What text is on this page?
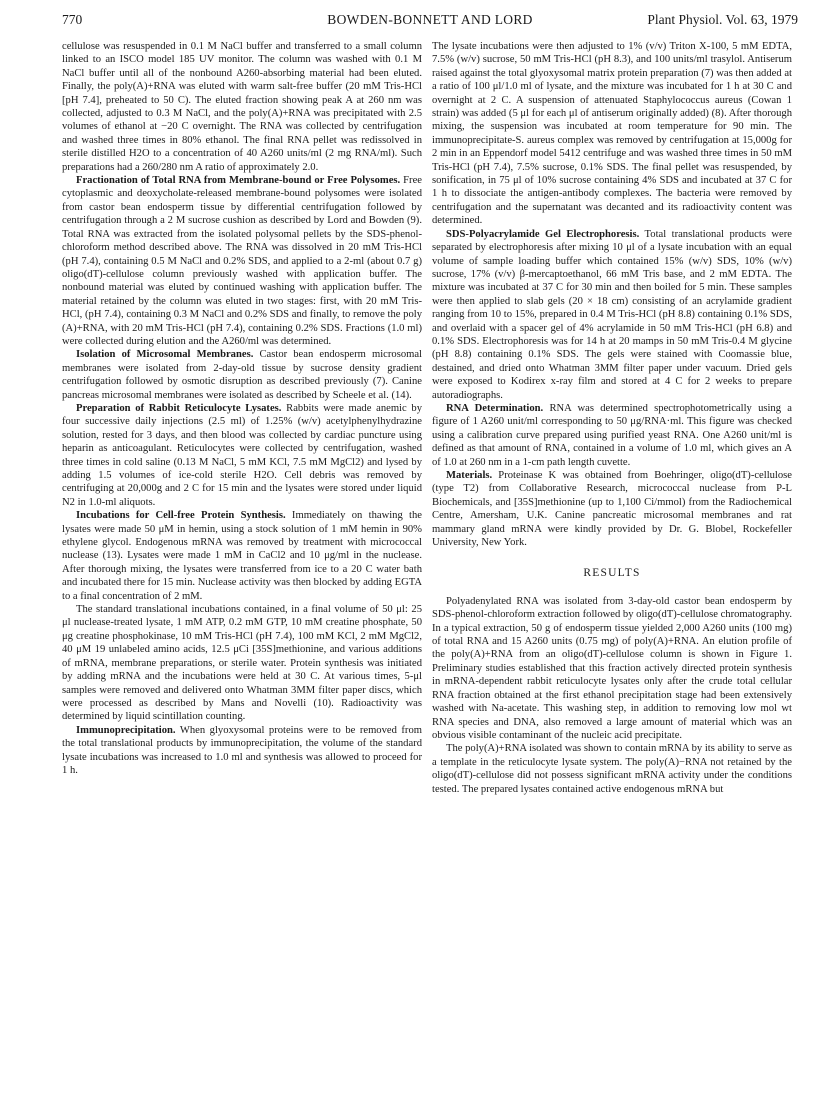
770	BOWDEN-BONNETT AND LORD	Plant Physiol. Vol. 63, 1979

cellulose was resuspended in 0.1 M NaCl buffer and transferred to a small column linked to an ISCO model 185 UV monitor. The column was washed with 0.1 M NaCl buffer until all of the nonbound A260-absorbing material had been eluted. Finally, the poly(A)+RNA was eluted with warm salt-free buffer (20 mM Tris-HCl [pH 7.4], preheated to 50 C). The eluted fraction showing peak A at 260 nm was collected, adjusted to 0.3 M NaCl, and the poly(A)+RNA was precipitated with 2.5 volumes of ethanol at −20 C overnight. The RNA was collected by centrifugation and washed three times in 80% ethanol. The final RNA pellet was redissolved in sterile distilled H2O to a concentration of 40 A260 units/ml (2 mg RNA/ml). Such preparations had a 260/280 nm A ratio of approximately 2.0.

Fractionation of Total RNA from Membrane-bound or Free Polysomes. Free cytoplasmic and deoxycholate-released membrane-bound polysomes were isolated from castor bean endosperm tissue by differential centrifugation followed by centrifugation through a 2 M sucrose cushion as described by Lord and Bowden (9). Total RNA was extracted from the isolated polysomal pellets by the SDS-phenol-chloroform method described above. The RNA was dissolved in 20 mM Tris-HCl (pH 7.4), containing 0.5 M NaCl and 0.2% SDS, and applied to a 2-ml (about 0.7 g) oligo(dT)-cellulose column previously washed with application buffer. The nonbound material was eluted by continued washing with application buffer. The material retained by the column was eluted in two stages: first, with 20 mM Tris-HCl, (pH 7.4), containing 0.3 M NaCl and 0.2% SDS and finally, to remove the poly (A)+RNA, with 20 mM Tris-HCl (pH 7.4), containing 0.2% SDS. Fractions (1.0 ml) were collected during elution and the A260/ml was determined.

Isolation of Microsomal Membranes. Castor bean endosperm microsomal membranes were isolated from 2-day-old tissue by sucrose density gradient centrifugation followed by osmotic disruption as described previously (7). Canine pancreas microsomal membranes were isolated as described by Scheele et al. (14).

Preparation of Rabbit Reticulocyte Lysates. Rabbits were made anemic by four successive daily injections (2.5 ml) of 1.25% (w/v) acetylphenylhydrazine solution, rested for 3 days, and then blood was collected by cardiac puncture using heparin as anticoagulant. Reticulocytes were collected by centrifugation, washed three times in cold saline (0.13 M NaCl, 5 mM KCl, 7.5 mM MgCl2) and lysed by adding 1.5 volumes of ice-cold sterile H2O. Cell debris was removed by centrifuging at 20,000g and 2 C for 15 min and the lysates were stored under liquid N2 in 1.0-ml aliquots.

Incubations for Cell-free Protein Synthesis. Immediately on thawing the lysates were made 50 μM in hemin, using a stock solution of 1 mM hemin in 90% ethylene glycol. Endogenous mRNA was removed by treatment with micrococcal nuclease (13). Lysates were made 1 mM in CaCl2 and 10 μg/ml in the nuclease. After thorough mixing, the lysates were transferred from ice to a 20 C water bath and incubated there for 15 min. Nuclease activity was then blocked by adding EGTA to a final concentration of 2 mM.

The standard translational incubations contained, in a final volume of 50 μl: 25 μl nuclease-treated lysate, 1 mM ATP, 0.2 mM GTP, 10 mM creatine phosphate, 50 μg creatine phosphokinase, 10 mM Tris-HCl (pH 7.4), 100 mM KCl, 2 mM MgCl2, 40 μM 19 unlabeled amino acids, 12.5 μCi [35S]methionine, and various additions of mRNA, membrane preparations, or sterile water. Protein synthesis was initiated by adding mRNA and the incubations were held at 30 C. At various times, 5-μl samples were removed and delivered onto Whatman 3MM filter paper discs, which were processed as described by Mans and Novelli (10). Radioactivity was determined by liquid scintillation counting.

Immunoprecipitation. When glyoxysomal proteins were to be removed from the total translational products by immunoprecipitation, the volume of the standard lysate incubations was increased to 1.0 ml and synthesis was allowed to proceed for 1 h.

The lysate incubations were then adjusted to 1% (v/v) Triton X-100, 5 mM EDTA, 7.5% (w/v) sucrose, 50 mM Tris-HCl (pH 8.3), and 100 units/ml trasylol. Antiserum raised against the total glyoxysomal matrix protein preparation (7) was then added at a ratio of 100 μl/1.0 ml of lysate, and the mixture was incubated for 1 h at 30 C and overnight at 2 C. A suspension of attenuated Staphylococcus aureus (Cowan 1 strain) was added (5 μl for each μl of antiserum originally added) (8). After thorough mixing, the suspension was incubated at room temperature for 90 min. The immunoprecipitate-S. aureus complex was removed by centrifugation at 15,000g for 2 min in an Eppendorf model 5412 centrifuge and was washed three times in 50 mM Tris-HCl (pH 7.4), 7.5% sucrose, 0.1% SDS. The final pellet was resuspended, by sonification, in 75 μl of 10% sucrose containing 4% SDS and incubated at 37 C for 1 h to dissociate the antigen-antibody complexes. The bacteria were removed by centrifugation and the supernatant was decanted and its radioactivity content was determined.

SDS-Polyacrylamide Gel Electrophoresis. Total translational products were separated by electrophoresis after mixing 10 μl of a lysate incubation with an equal volume of sample loading buffer which contained 15% (w/v) SDS, 10% (w/v) sucrose, 17% (v/v) β-mercaptoethanol, 66 mM Tris base, and 2 mM EDTA. The mixture was incubated at 37 C for 30 min and then boiled for 5 min. These samples were then applied to slab gels (20 × 18 cm) consisting of an acrylamide gradient ranging from 10 to 15%, prepared in 0.4 M Tris-HCl (pH 8.8) containing 0.1% SDS, and overlaid with a spacer gel of 4% acrylamide in 50 mM Tris-HCl (pH 6.8) and 0.1% SDS. Electrophoresis was for 14 h at 20 mamps in 50 mM Tris-0.4 M glycine (pH 8.8) containing 0.1% SDS. The gels were stained with Coomassie blue, destained, and dried onto Whatman 3MM filter paper under vacuum. Dried gels were exposed to Kodirex x-ray film and stored at 4 C for 2 weeks to prepare autoradiographs.

RNA Determination. RNA was determined spectrophotometrically using a figure of 1 A260 unit/ml corresponding to 50 μg/RNA·ml. This figure was checked using a calibration curve prepared using purified yeast RNA. One A260 unit/ml is defined as that amount of RNA, contained in a volume of 1.0 ml, which gives an A of 1.0 at 260 nm in a 1-cm path length cuvette.

Materials. Proteinase K was obtained from Boehringer, oligo(dT)-cellulose (type T2) from Collaborative Research, micrococcal nuclease from P-L Biochemicals, and [35S]methionine (up to 1,100 Ci/mmol) from the Radiochemical Centre, Amersham, U.K. Canine pancreatic microsomal membranes and rat mammary gland mRNA were kindly provided by Dr. G. Blobel, Rockefeller University, New York.

RESULTS

Polyadenylated RNA was isolated from 3-day-old castor bean endosperm by SDS-phenol-chloroform extraction followed by oligo(dT)-cellulose chromatography. In a typical extraction, 50 g of endosperm tissue yielded 2,000 A260 units (100 mg) of total RNA and 15 A260 units (0.75 mg) of poly(A)+RNA. An elution profile of the poly(A)+RNA from an oligo(dT)-cellulose column is shown in Figure 1. Preliminary studies established that this fraction actively directed protein synthesis in mRNA-dependent rabbit reticulocyte lysates only after the crude total cellular RNA fraction obtained at the first ethanol precipitation stage had been extensively washed with Na-acetate. This washing step, in addition to removing low mol wt RNA species and DNA, also removed a large amount of material which was an obvious visible contaminant of the nucleic acid precipitate.

The poly(A)+RNA isolated was shown to contain mRNA by its ability to serve as a template in the reticulocyte lysate system. The poly(A)−RNA not retained by the oligo(dT)-cellulose did not possess significant mRNA activity under the conditions tested. The prepared lysates contained active endogenous mRNA but
